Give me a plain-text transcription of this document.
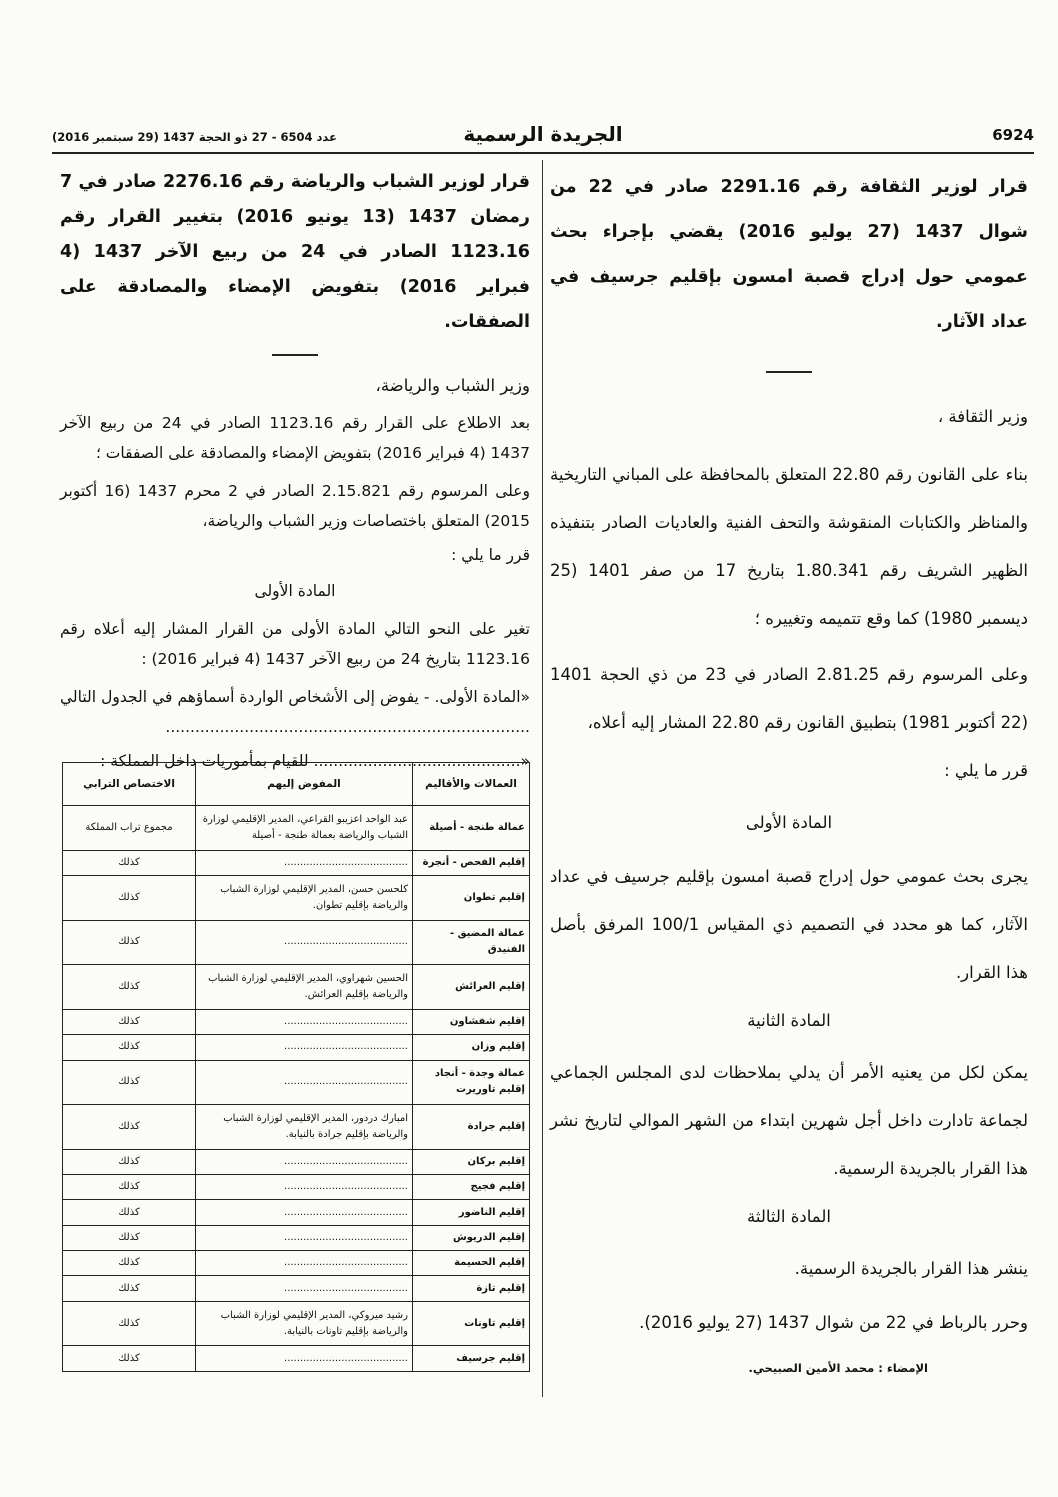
6924
الجريدة الرسمية
عدد 6504 - 27 ذو الحجة 1437 (29 سبتمبر 2016)

قرار لوزير الثقافة رقم 2291.16 صادر في 22 من شوال 1437 (27 يوليو 2016) يقضي بإجراء بحث عمومي حول إدراج قصبة امسون بإقليم جرسيف في عداد الآثار.

وزير الثقافة ،

بناء على القانون رقم 22.80 المتعلق بالمحافظة على المباني التاريخية والمناظر والكتابات المنقوشة والتحف الفنية والعاديات الصادر بتنفيذه الظهير الشريف رقم 1.80.341 بتاريخ 17 من صفر 1401 (25 ديسمبر 1980) كما وقع تتميمه وتغييره ؛

وعلى المرسوم رقم 2.81.25 الصادر في 23 من ذي الحجة 1401 (22 أكتوبر 1981) بتطبيق القانون رقم 22.80 المشار إليه أعلاه،

قرر ما يلي :

المادة الأولى

يجرى بحث عمومي حول إدراج قصبة امسون بإقليم جرسيف في عداد الآثار، كما هو محدد في التصميم ذي المقياس 100/1 المرفق بأصل هذا القرار.

المادة الثانية

يمكن لكل من يعنيه الأمر أن يدلي بملاحظات لدى المجلس الجماعي لجماعة تادارت داخل أجل شهرين ابتداء من الشهر الموالي لتاريخ نشر هذا القرار بالجريدة الرسمية.

المادة الثالثة

ينشر هذا القرار بالجريدة الرسمية.

وحرر بالرباط في 22 من شوال 1437 (27 يوليو 2016).

الإمضاء : محمد الأمين الصبيحي.

قرار لوزير الشباب والرياضة رقم 2276.16 صادر في 7 رمضان 1437 (13 يونيو 2016) بتغيير القرار رقم 1123.16 الصادر في 24 من ربيع الآخر 1437 (4 فبراير 2016) بتفويض الإمضاء والمصادقة على الصفقات.

وزير الشباب والرياضة،

بعد الاطلاع على القرار رقم 1123.16 الصادر في 24 من ربيع الآخر 1437 (4 فبراير 2016) بتفويض الإمضاء والمصادقة على الصفقات ؛

وعلى المرسوم رقم 2.15.821 الصادر في 2 محرم 1437 (16 أكتوبر 2015) المتعلق باختصاصات وزير الشباب والرياضة،

قرر ما يلي :

المادة الأولى

تغير على النحو التالي المادة الأولى من القرار المشار إليه أعلاه رقم 1123.16 بتاريخ 24 من ربيع الآخر 1437 (4 فبراير 2016) :

«المادة الأولى. - يفوض إلى الأشخاص الواردة أسماؤهم في الجدول التالي ..........................................................................

«.......................................... للقيام بمأموريات داخل المملكة :

العمالات والأقاليم	المفوض إليهم	الاختصاص الترابي
عمالة طنجة - أصيلة	عبد الواحد اعزيبو القراعي، المدير الإقليمي لوزارة الشباب والرياضة بعمالة طنجة - أصيلة	مجموع تراب المملكة
إقليم الفحص - أنجرة	.......................................	كذلك
إقليم تطوان	كلحسن حسن، المدير الإقليمي لوزارة الشباب والرياضة بإقليم تطوان.	كذلك
عمالة المضيق - الفنيدق	.......................................	كذلك
إقليم العرائش	الحسين شهراوي، المدير الإقليمي لوزارة الشباب والرياضة بإقليم العرائش.	كذلك
إقليم شفشاون	.......................................	كذلك
إقليم وزان	.......................................	كذلك
عمالة وجدة - أنجاد إقليم تاوريرت	.......................................	كذلك
إقليم جرادة	امبارك دردور، المدير الإقليمي لوزارة الشباب والرياضة بإقليم جرادة بالنيابة.	كذلك
إقليم بركان	.......................................	كذلك
إقليم فجيج	.......................................	كذلك
إقليم الناضور	.......................................	كذلك
إقليم الدريوش	.......................................	كذلك
إقليم الحسيمة	.......................................	كذلك
إقليم تازة	.......................................	كذلك
إقليم تاونات	رشيد ميروكي، المدير الإقليمي لوزارة الشباب والرياضة بإقليم تاونات بالنيابة.	كذلك
إقليم جرسيف	.......................................	كذلك
